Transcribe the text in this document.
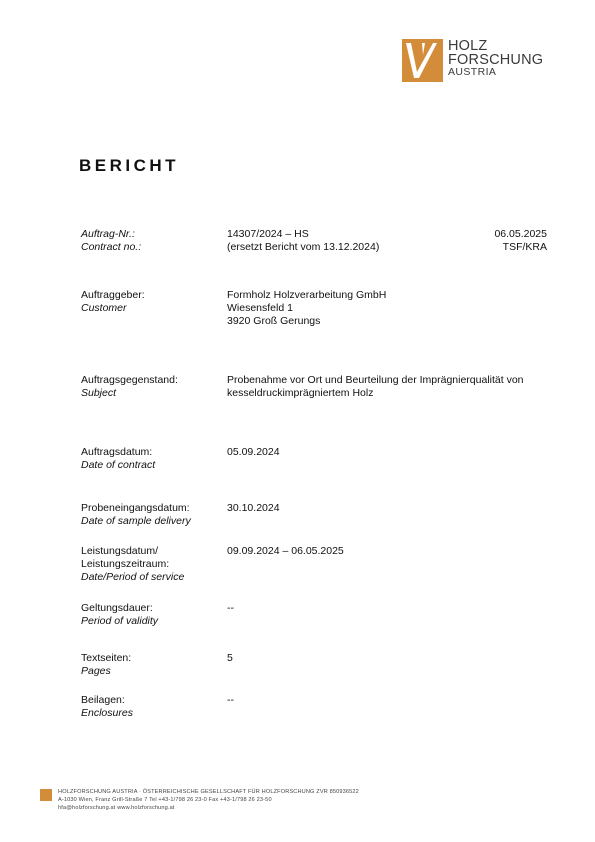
HOLZ
FORSCHUNG
AUSTRIA
BERICHT
Auftrag-Nr.:
Contract no.:
14307/2024 – HS
(ersetzt Bericht vom 13.12.2024)
06.05.2025
TSF/KRA
Auftraggeber:
Customer
Formholz Holzverarbeitung GmbH
Wiesensfeld 1
3920 Groß Gerungs
Auftragsgegenstand:
Subject
Probenahme vor Ort und Beurteilung der Imprägnierqualität von
kesseldruckimprägniertem Holz
Auftragsdatum:
Date of contract
05.09.2024
Probeneingangsdatum:
Date of sample delivery
30.10.2024
Leistungsdatum/
Leistungszeitraum:
Date/Period of service
09.09.2024 – 06.05.2025
Geltungsdauer:
Period of validity
--
Textseiten:
Pages
5
Beilagen:
Enclosures
--
HOLZFORSCHUNG AUSTRIA · ÖSTERREICHISCHE GESELLSCHAFT FÜR HOLZFORSCHUNG ZVR 850936522
A-1030 Wien, Franz Grill-Straße 7 Tel +43-1/798 26 23-0 Fax +43-1/798 26 23-50
hfa@holzforschung.at www.holzforschung.at
